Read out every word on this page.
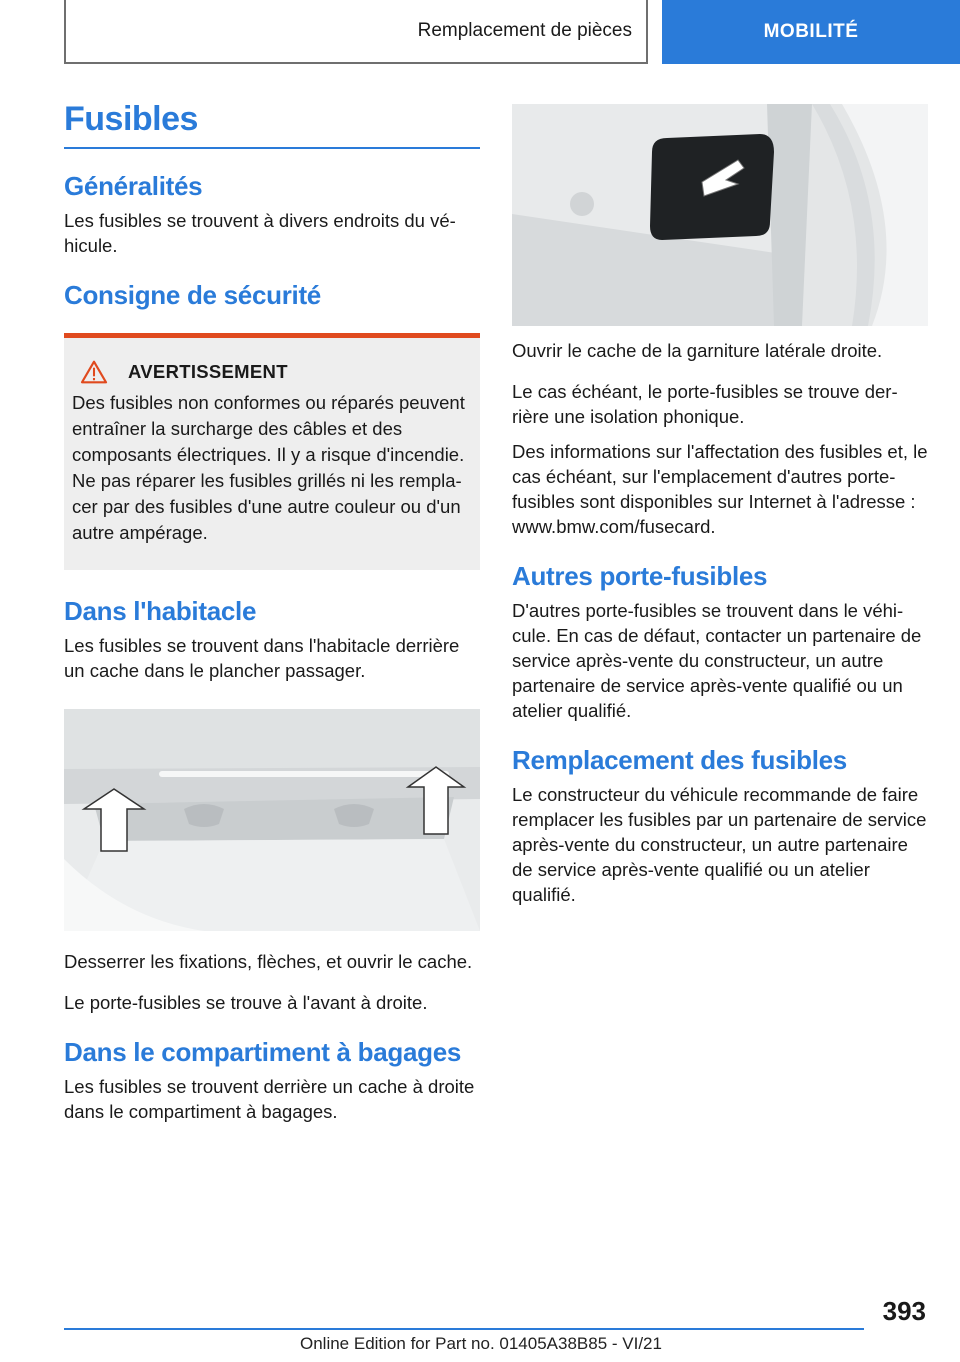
Remplacement de pièces	MOBILITÉ
Fusibles
Généralités

Les fusibles se trouvent à divers endroits du véhicule.

Consigne de sécurité
AVERTISSEMENT
Des fusibles non conformes ou réparés peuvent entraîner la surcharge des câbles et des composants électriques. Il y a risque d'incendie. Ne pas réparer les fusibles grillés ni les remplacer par des fusibles d'une autre couleur ou d'un autre ampérage.
Dans l'habitacle

Les fusibles se trouvent dans l'habitacle derrière un cache dans le plancher passager.

Desserrer les fixations, flèches, et ouvrir le cache.

Le porte-fusibles se trouve à l'avant à droite.

Dans le compartiment à bagages

Les fusibles se trouvent derrière un cache à droite dans le compartiment à bagages.

Ouvrir le cache de la garniture latérale droite.

Le cas échéant, le porte-fusibles se trouve derrière une isolation phonique.

Des informations sur l'affectation des fusibles et, le cas échéant, sur l'emplacement d'autres porte-fusibles sont disponibles sur Internet à l'adresse : www.bmw.com/fusecard.

Autres porte-fusibles

D'autres porte-fusibles se trouvent dans le véhicule. En cas de défaut, contacter un partenaire de service après-vente du constructeur, un autre partenaire de service après-vente qualifié ou un atelier qualifié.

Remplacement des fusibles

Le constructeur du véhicule recommande de faire remplacer les fusibles par un partenaire de service après-vente du constructeur, un autre partenaire de service après-vente qualifié ou un atelier qualifié.

393
Online Edition for Part no. 01405A38B85 - VI/21
